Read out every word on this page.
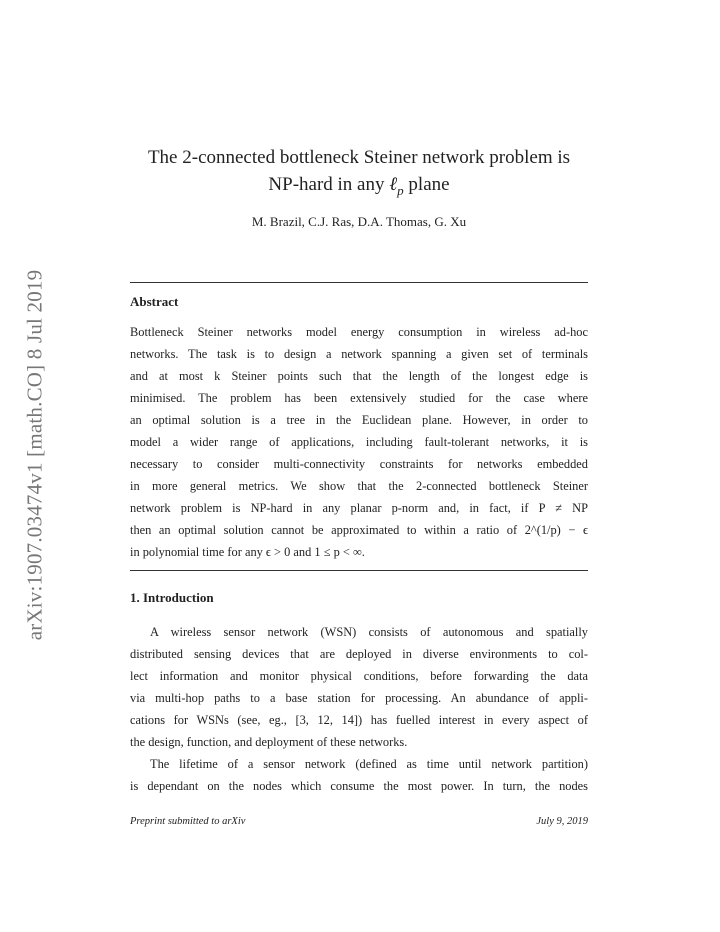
arXiv:1907.03474v1 [math.CO] 8 Jul 2019
The 2-connected bottleneck Steiner network problem is
NP-hard in any ℓ$_p$ plane
M. Brazil, C.J. Ras, D.A. Thomas, G. Xu
Abstract
Bottleneck Steiner networks model energy consumption in wireless ad-hoc
networks. The task is to design a network spanning a given set of terminals
and at most k Steiner points such that the length of the longest edge is
minimised. The problem has been extensively studied for the case where
an optimal solution is a tree in the Euclidean plane. However, in order to
model a wider range of applications, including fault-tolerant networks, it is
necessary to consider multi-connectivity constraints for networks embedded
in more general metrics. We show that the 2-connected bottleneck Steiner
network problem is NP-hard in any planar p-norm and, in fact, if P ≠ NP
then an optimal solution cannot be approximated to within a ratio of 2^(1/p) − ϵ
in polynomial time for any ϵ > 0 and 1 ≤ p < ∞.
1. Introduction
A wireless sensor network (WSN) consists of autonomous and spatially
distributed sensing devices that are deployed in diverse environments to col-
lect information and monitor physical conditions, before forwarding the data
via multi-hop paths to a base station for processing. An abundance of appli-
cations for WSNs (see, eg., [3, 12, 14]) has fuelled interest in every aspect of
the design, function, and deployment of these networks.
The lifetime of a sensor network (defined as time until network partition)
is dependant on the nodes which consume the most power. In turn, the nodes
Preprint submitted to arXiv	July 9, 2019
